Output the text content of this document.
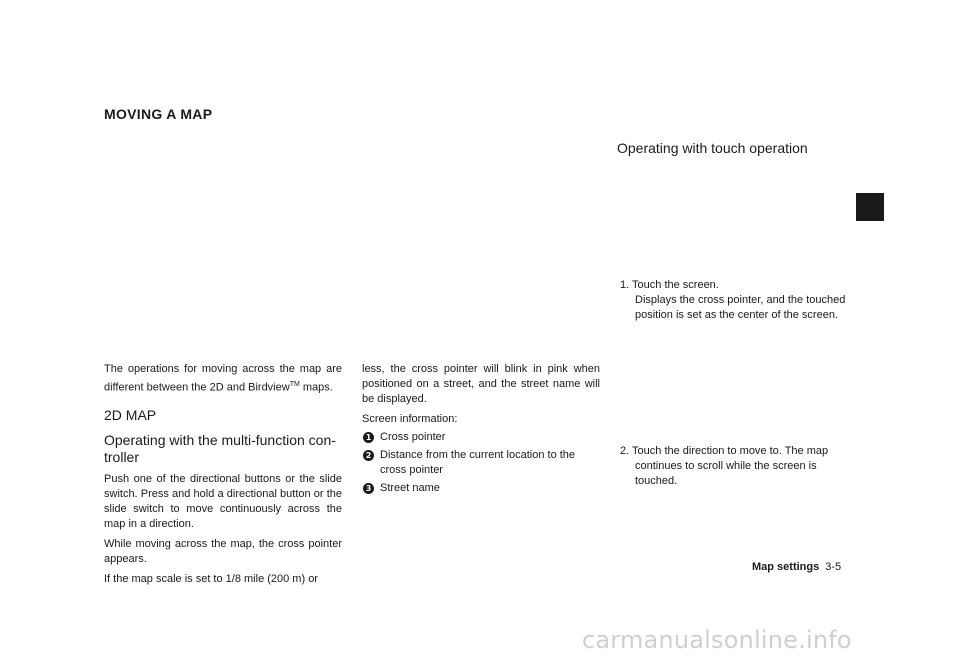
MOVING A MAP

The operations for moving across the map are different between the 2D and Birdview™ maps.

2D MAP
Operating with the multi-function con-troller

Push one of the directional buttons or the slide switch. Press and hold a directional button or the slide switch to move continuously across the map in a direction.

While moving across the map, the cross pointer appears.

If the map scale is set to 1/8 mile (200 m) or

less, the cross pointer will blink in pink when positioned on a street, and the street name will be displayed.

Screen information:

1 Cross pointer
2 Distance from the current location to the cross pointer
3 Street name
Operating with touch operation
1. Touch the screen.
Displays the cross pointer, and the touched position is set as the center of the screen.
2. Touch the direction to move to. The map
continues to scroll while the screen is touched.
Map settings 3-5
carmanualsonline.info
